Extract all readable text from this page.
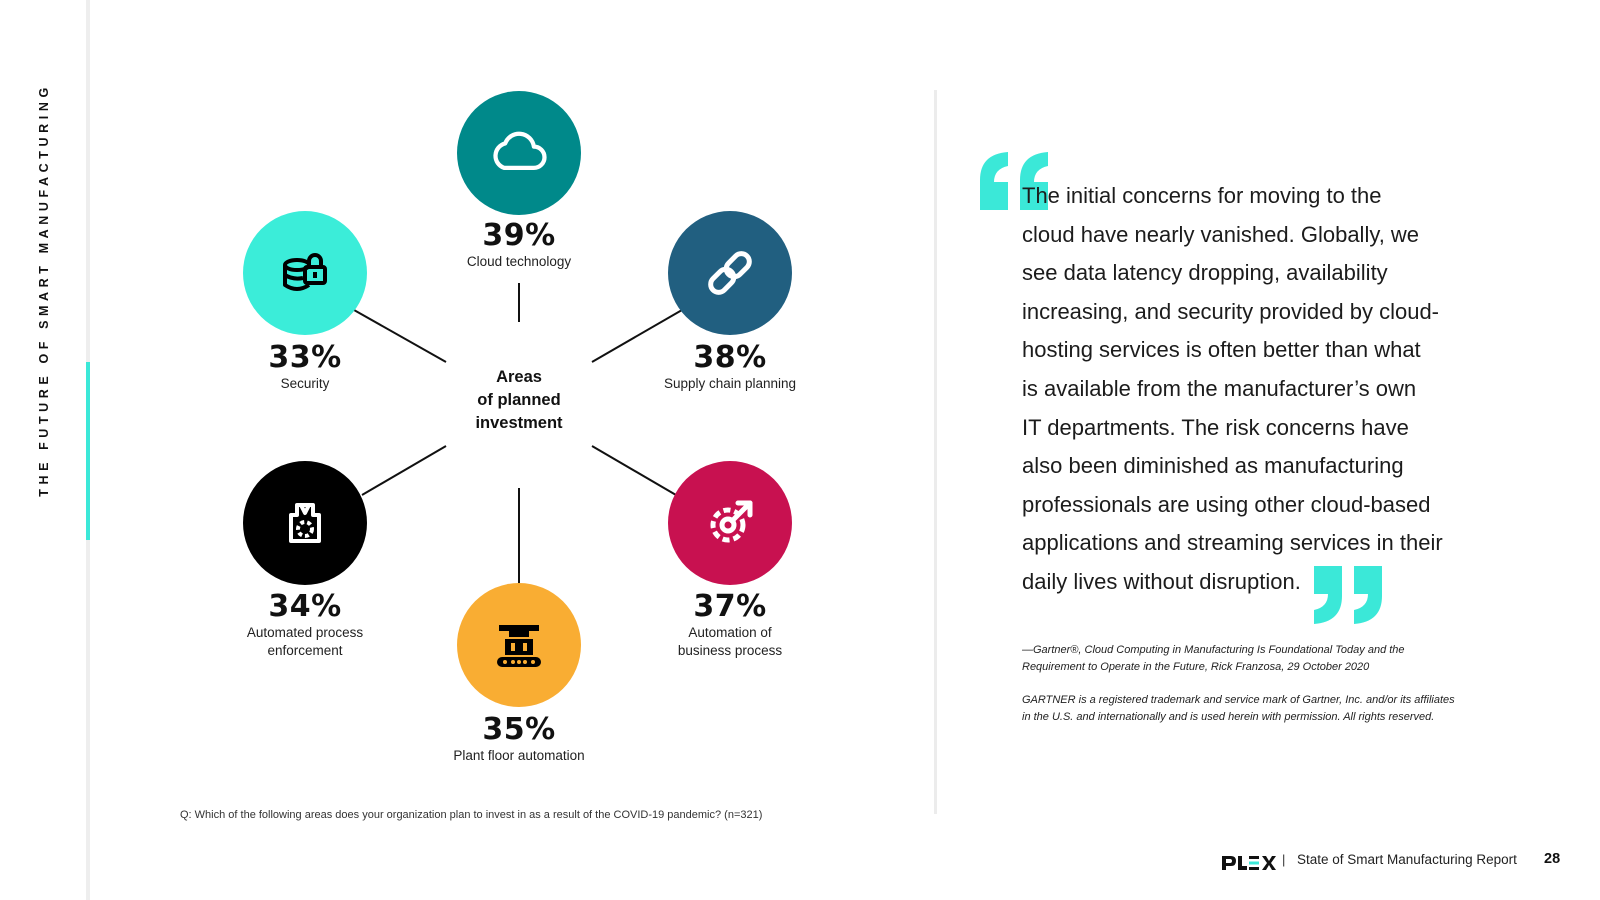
THE FUTURE OF SMART MANUFACTURING	Areas
of planned
investment
39%
Cloud technology
38%
Supply chain planning
37%
Automation of
business process
35%
Plant floor automation
34%
Automated process
enforcement
33%
Security
Q: Which of the following areas does your organization plan to invest in as a result of the COVID-19 pandemic? (n=321)
The initial concerns for moving to the
cloud have nearly vanished. Globally, we
see data latency dropping, availability
increasing, and security provided by cloud-
hosting services is often better than what
is available from the manufacturer’s own
IT departments. The risk concerns have
also been diminished as manufacturing
professionals are using other cloud-based
applications and streaming services in their
daily lives without disruption.
—Gartner®, Cloud Computing in Manufacturing Is Foundational Today and the
Requirement to Operate in the Future, Rick Franzosa, 29 October 2020
GARTNER is a registered trademark and service mark of Gartner, Inc. and/or its affiliates
in the U.S. and internationally and is used herein with permission. All rights reserved.
| State of Smart Manufacturing Report 28
